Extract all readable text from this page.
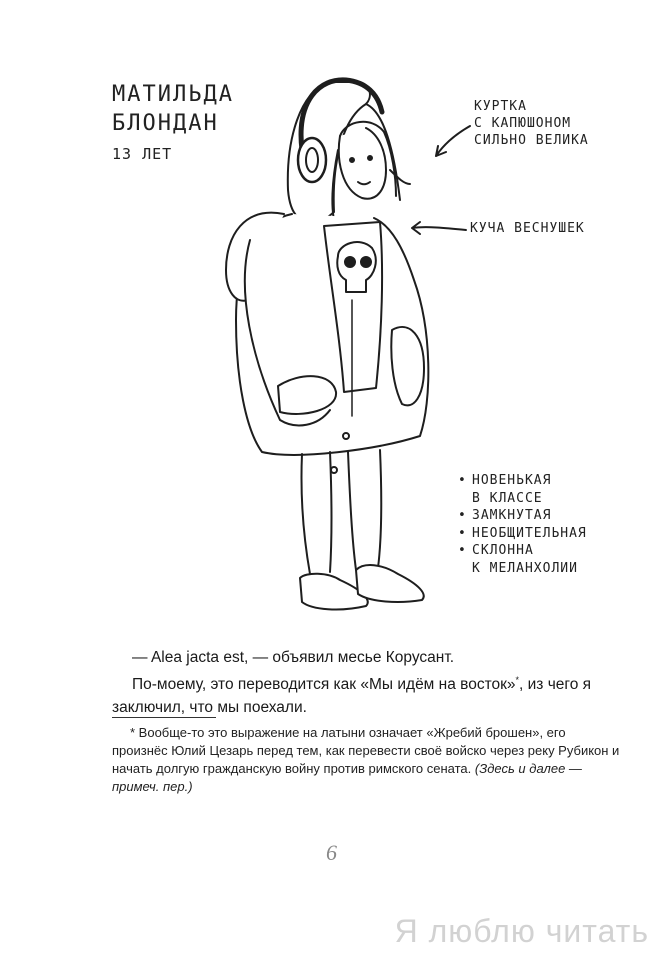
МАТИЛЬДА
БЛОНДАН
13 ЛЕТ
КУРТКА
С КАПЮШОНОМ
СИЛЬНО ВЕЛИКА
КУЧА ВЕСНУШЕК
• НОВЕНЬКАЯ
В КЛАССЕ
• ЗАМКНУТАЯ
• НЕОБЩИТЕЛЬНАЯ
• СКЛОННА
К МЕЛАНХОЛИИ

— Alea jacta est, — объявил месье Корусант.

По-моему, это переводится как «Мы идём на восток»*, из чего я заключил, что мы поехали.

* Вообще-то это выражение на латыни означает «Жребий брошен», его произнёс Юлий Цезарь перед тем, как перевести своё войско через реку Рубикон и начать долгую гражданскую войну против римского сената. (Здесь и далее — примеч. пер.)

6
Я люблю читать
